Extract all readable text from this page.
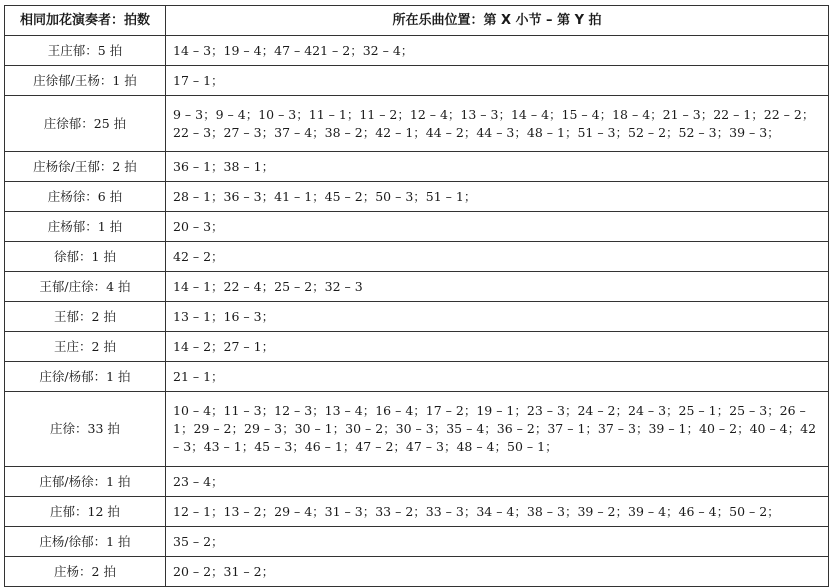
相同加花演奏者：拍数	所在乐曲位置：第 X 小节 – 第 Y 拍
王庄郁：5 拍	14 – 3；19 – 4；47 – 421 – 2；32 – 4；
庄徐郁/王杨：1 拍	17 – 1；
庄徐郁：25 拍	9 – 3；9 – 4；10 – 3；11 – 1；11 – 2；12 – 4；13 – 3；14 – 4；15 – 4；18 – 4；21 – 3；22 – 1；22 – 2；22 – 3；27 – 3；37 – 4；38 – 2；42 – 1；44 – 2；44 – 3；48 – 1；51 – 3；52 – 2；52 – 3；39 – 3；
庄杨徐/王郁：2 拍	36 – 1；38 – 1；
庄杨徐：6 拍	28 – 1；36 – 3；41 – 1；45 – 2；50 – 3；51 – 1；
庄杨郁：1 拍	20 – 3；
徐郁：1 拍	42 – 2；
王郁/庄徐：4 拍	14 – 1；22 – 4；25 – 2；32 – 3
王郁：2 拍	13 – 1；16 – 3；
王庄：2 拍	14 – 2；27 – 1；
庄徐/杨郁：1 拍	21 – 1；
庄徐：33 拍	10 – 4；11 – 3；12 – 3；13 – 4；16 – 4；17 – 2；19 – 1；23 – 3；24 – 2；24 – 3；25 – 1；25 – 3；26 – 1；29 – 2；29 – 3；30 – 1；30 – 2；30 – 3；35 – 4；36 – 2；37 – 1；37 – 3；39 – 1；40 – 2；40 – 4；42 – 3；43 – 1；45 – 3；46 – 1；47 – 2；47 – 3；48 – 4；50 – 1；
庄郁/杨徐：1 拍	23 – 4；
庄郁：12 拍	12 – 1；13 – 2；29 – 4；31 – 3；33 – 2；33 – 3；34 – 4；38 – 3；39 – 2；39 – 4；46 – 4；50 – 2；
庄杨/徐郁：1 拍	35 – 2；
庄杨：2 拍	20 – 2；31 – 2；
